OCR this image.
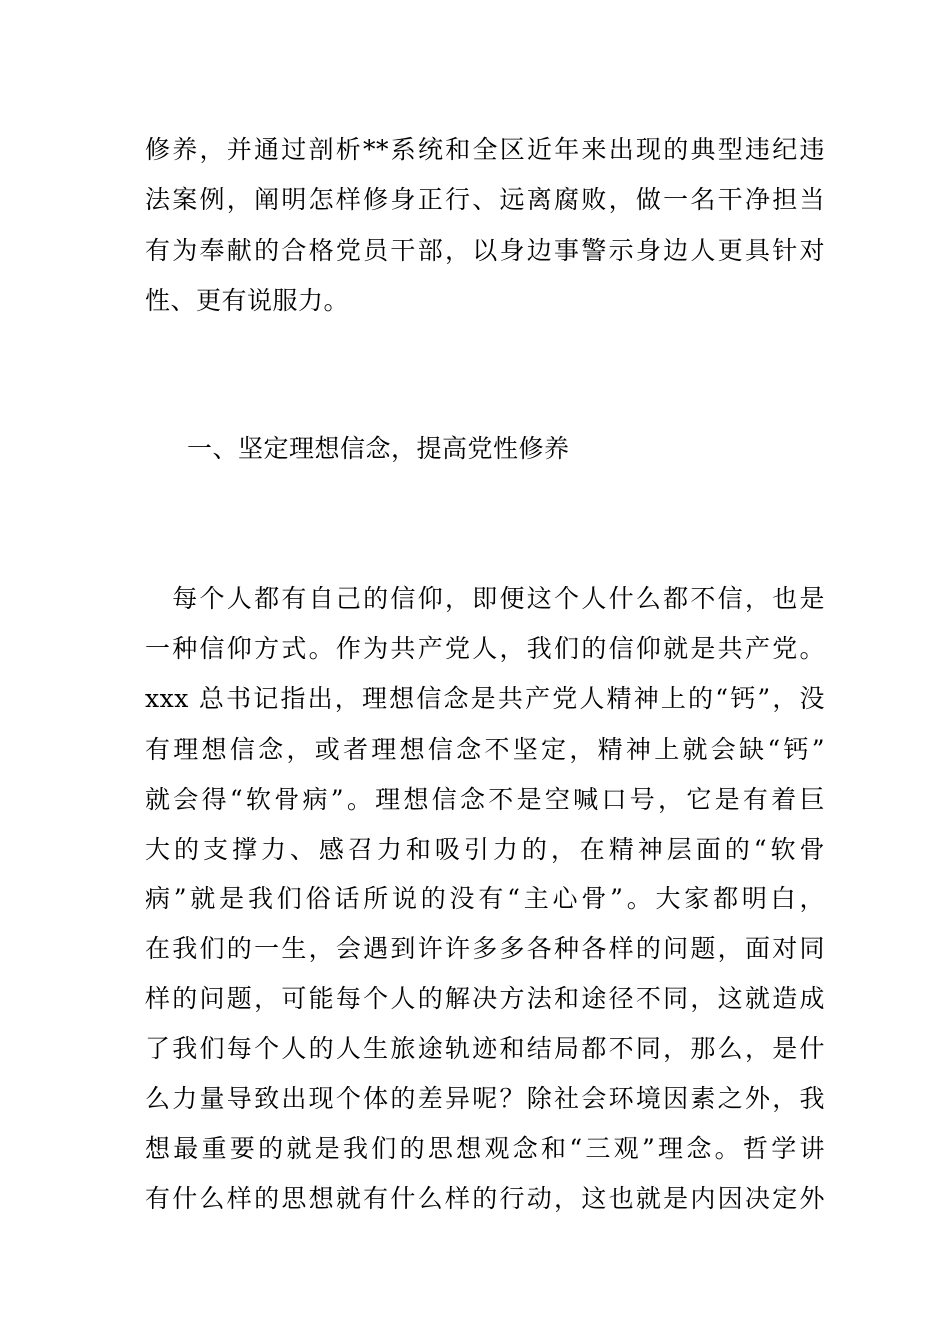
修养，并通过剖析**系统和全区近年来出现的典型违纪违
法案例，阐明怎样修身正行、远离腐败，做一名干净担当
有为奉献的合格党员干部，以身边事警示身边人更具针对
性、更有说服力。
一、坚定理想信念，提高党性修养
　每个人都有自己的信仰，即便这个人什么都不信，也是
一种信仰方式。作为共产党人，我们的信仰就是共产党。
xxx 总书记指出，理想信念是共产党人精神上的“钙”，没
有理想信念，或者理想信念不坚定，精神上就会缺“钙”
就会得“软骨病”。理想信念不是空喊口号，它是有着巨
大的支撑力、感召力和吸引力的，在精神层面的“软骨
病”就是我们俗话所说的没有“主心骨”。大家都明白，
在我们的一生，会遇到许许多多各种各样的问题，面对同
样的问题，可能每个人的解决方法和途径不同，这就造成
了我们每个人的人生旅途轨迹和结局都不同，那么，是什
么力量导致出现个体的差异呢？除社会环境因素之外，我
想最重要的就是我们的思想观念和“三观”理念。哲学讲
有什么样的思想就有什么样的行动，这也就是内因决定外
